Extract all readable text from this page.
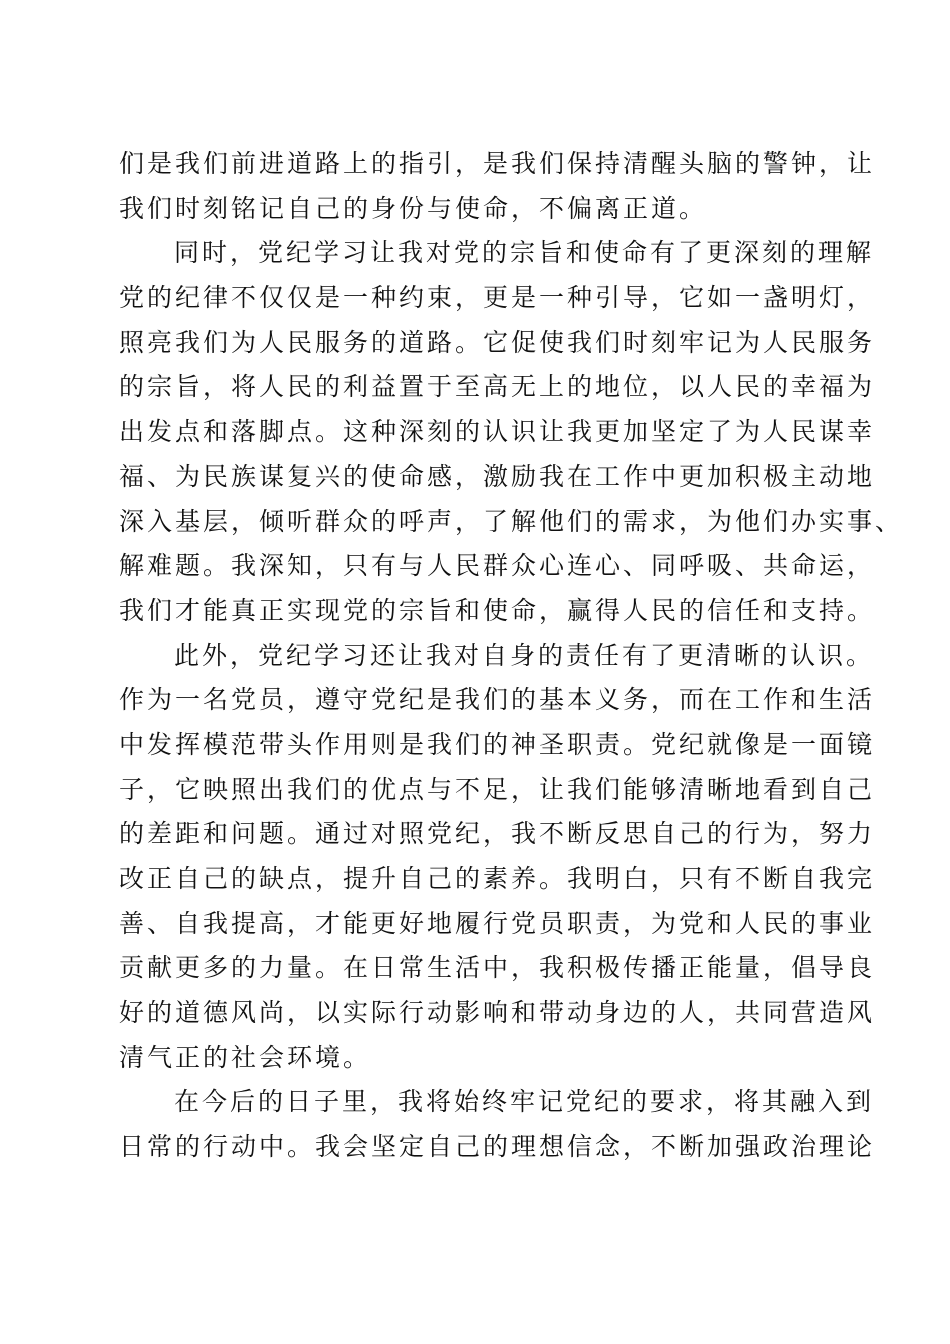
们是我们前进道路上的指引，是我们保持清醒头脑的警钟，让
我们时刻铭记自己的身份与使命，不偏离正道。
同时，党纪学习让我对党的宗旨和使命有了更深刻的理解
党的纪律不仅仅是一种约束，更是一种引导，它如一盏明灯，
照亮我们为人民服务的道路。它促使我们时刻牢记为人民服务
的宗旨，将人民的利益置于至高无上的地位，以人民的幸福为
出发点和落脚点。这种深刻的认识让我更加坚定了为人民谋幸
福、为民族谋复兴的使命感，激励我在工作中更加积极主动地
深入基层，倾听群众的呼声，了解他们的需求，为他们办实事、
解难题。我深知，只有与人民群众心连心、同呼吸、共命运，
我们才能真正实现党的宗旨和使命，赢得人民的信任和支持。
此外，党纪学习还让我对自身的责任有了更清晰的认识。
作为一名党员，遵守党纪是我们的基本义务，而在工作和生活
中发挥模范带头作用则是我们的神圣职责。党纪就像是一面镜
子，它映照出我们的优点与不足，让我们能够清晰地看到自己
的差距和问题。通过对照党纪，我不断反思自己的行为，努力
改正自己的缺点，提升自己的素养。我明白，只有不断自我完
善、自我提高，才能更好地履行党员职责，为党和人民的事业
贡献更多的力量。在日常生活中，我积极传播正能量，倡导良
好的道德风尚，以实际行动影响和带动身边的人，共同营造风
清气正的社会环境。
在今后的日子里，我将始终牢记党纪的要求，将其融入到
日常的行动中。我会坚定自己的理想信念，不断加强政治理论
